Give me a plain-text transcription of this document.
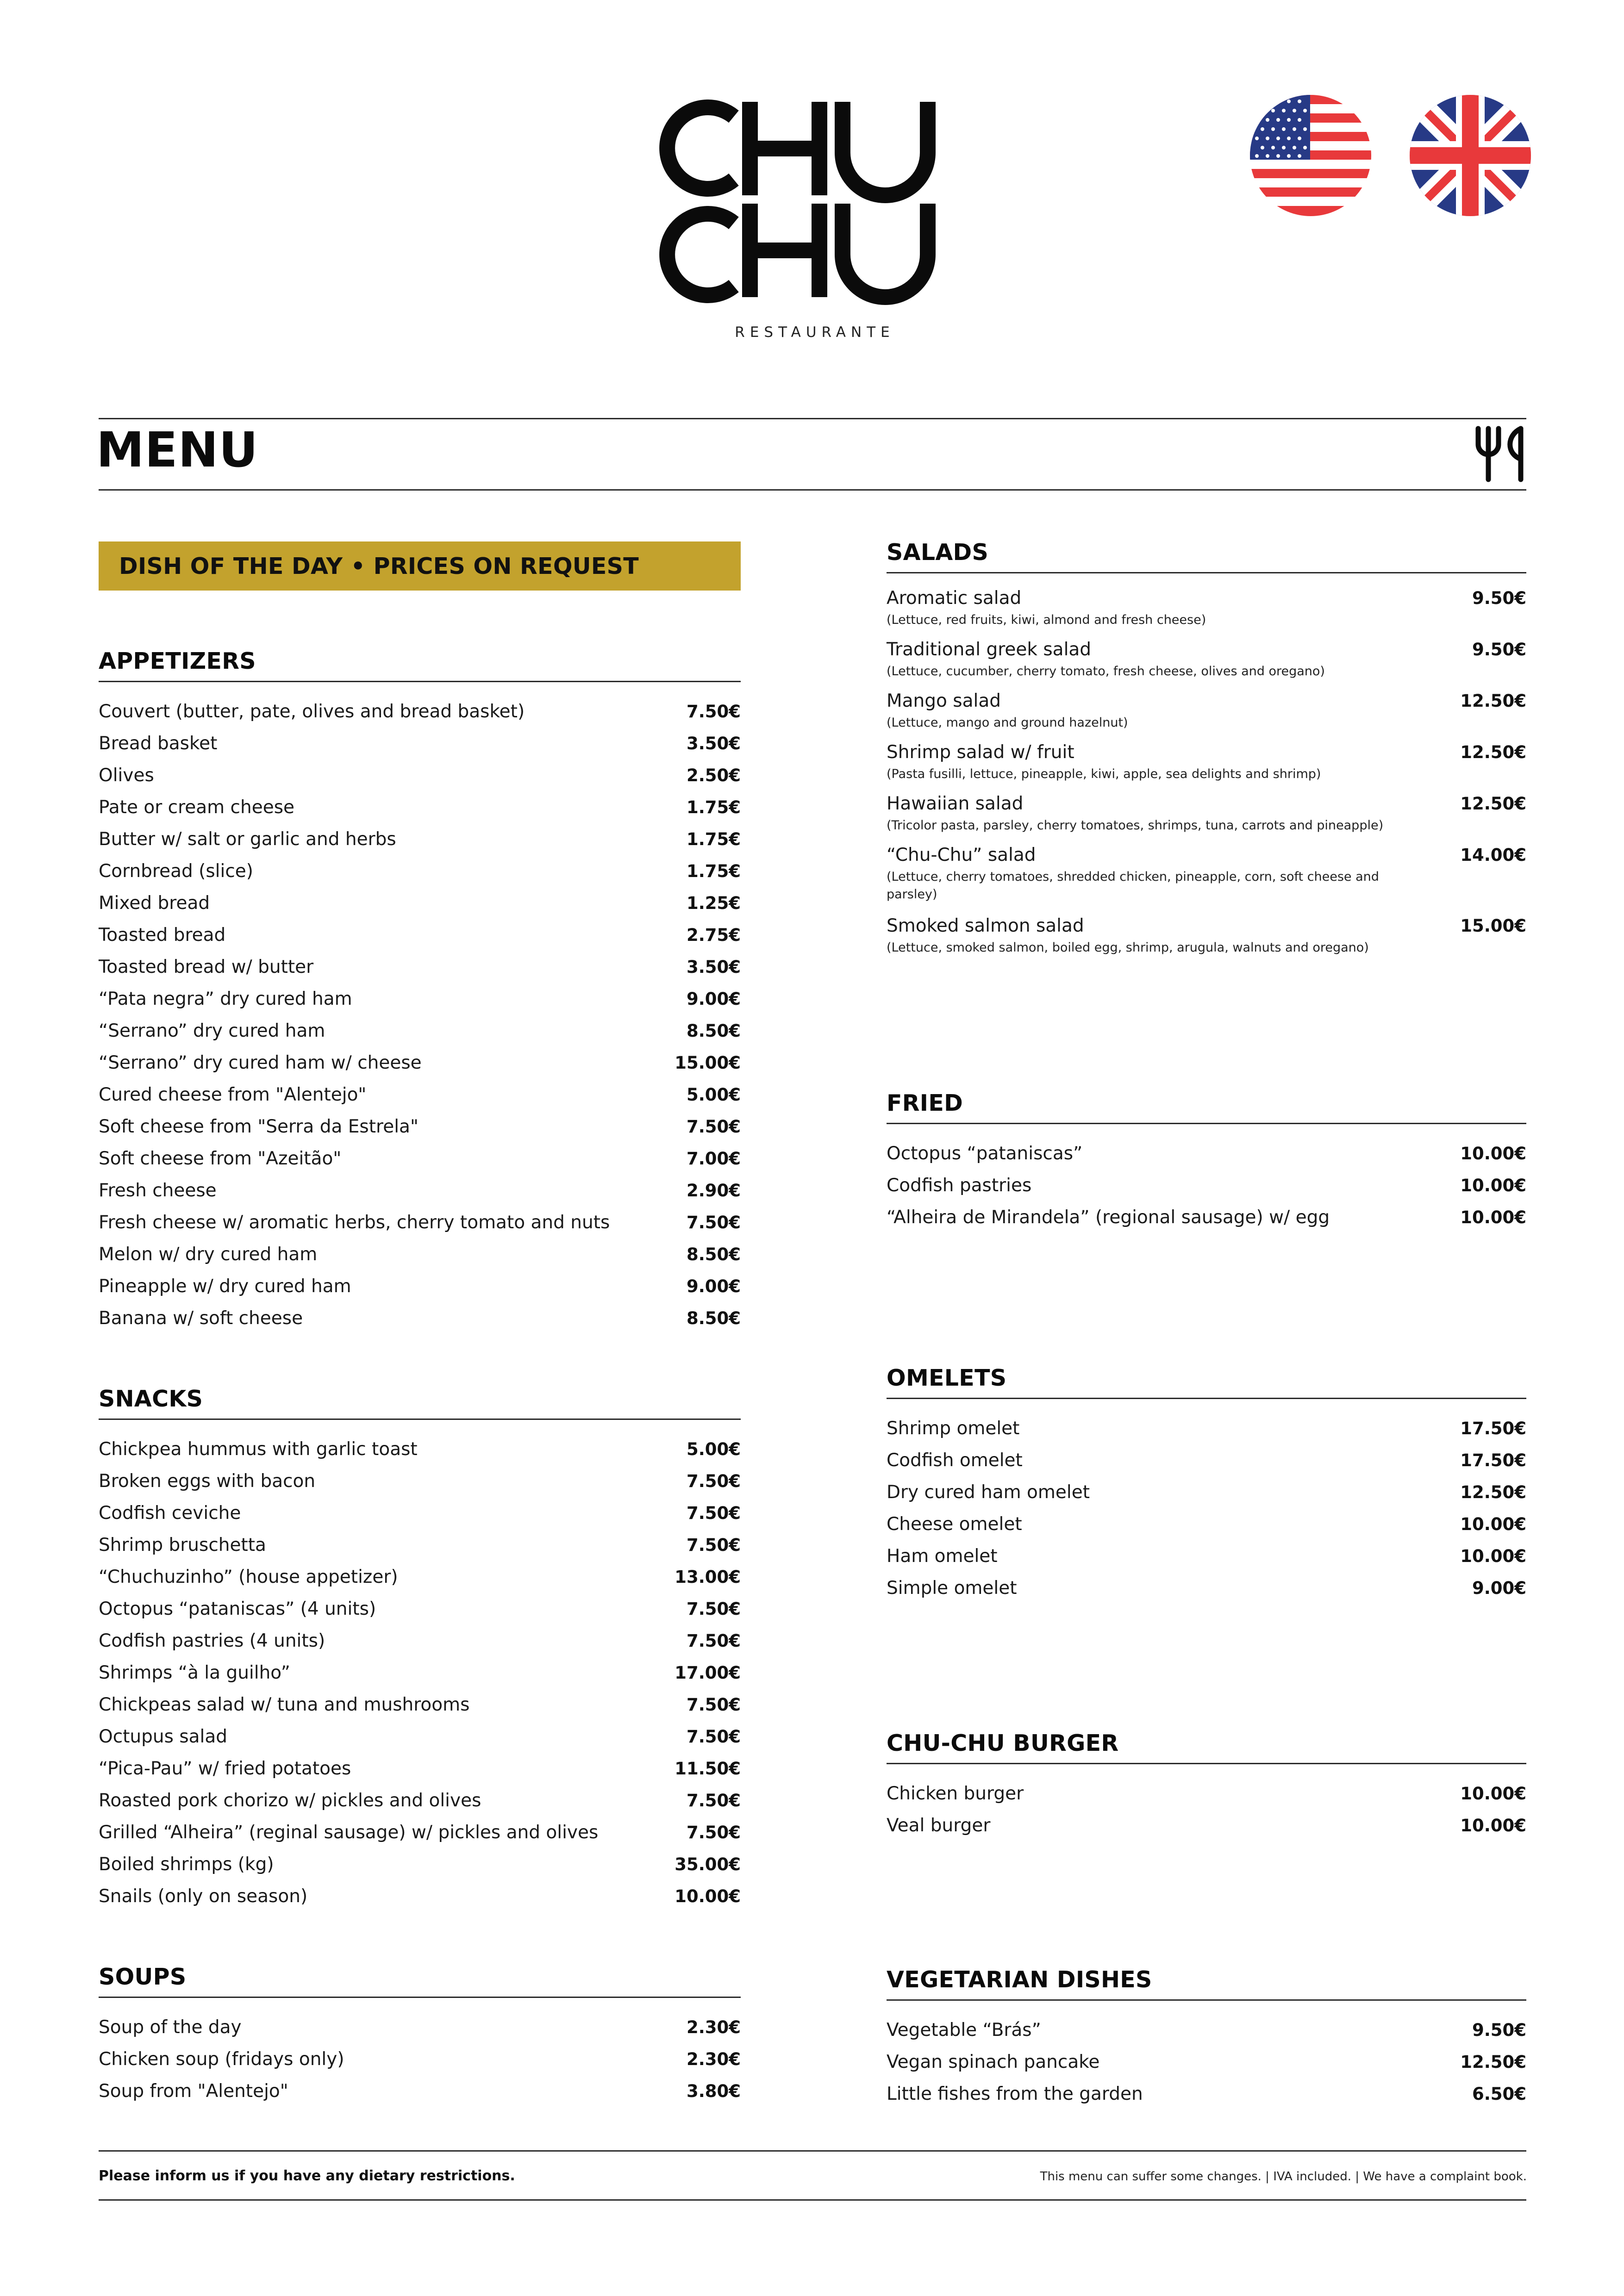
RESTAURANTE
MENU
DISH OF THE DAY • PRICES ON REQUEST
APPETIZERS
Couvert (butter, pate, olives and bread basket)	7.50€
Bread basket	3.50€
Olives	2.50€
Pate or cream cheese	1.75€
Butter w/ salt or garlic and herbs	1.75€
Cornbread (slice)	1.75€
Mixed bread	1.25€
Toasted bread	2.75€
Toasted bread w/ butter	3.50€
“Pata negra” dry cured ham	9.00€
“Serrano” dry cured ham	8.50€
“Serrano” dry cured ham w/ cheese	15.00€
Cured cheese from "Alentejo"	5.00€
Soft cheese from "Serra da Estrela"	7.50€
Soft cheese from "Azeitão"	7.00€
Fresh cheese	2.90€
Fresh cheese w/ aromatic herbs, cherry tomato and nuts	7.50€
Melon w/ dry cured ham	8.50€
Pineapple w/ dry cured ham	9.00€
Banana w/ soft cheese	8.50€
SNACKS
Chickpea hummus with garlic toast	5.00€
Broken eggs with bacon	7.50€
Codfish ceviche	7.50€
Shrimp bruschetta	7.50€
“Chuchuzinho” (house appetizer)	13.00€
Octopus “pataniscas” (4 units)	7.50€
Codfish pastries (4 units)	7.50€
Shrimps “à la guilho”	17.00€
Chickpeas salad w/ tuna and mushrooms	7.50€
Octupus salad	7.50€
“Pica-Pau” w/ fried potatoes	11.50€
Roasted pork chorizo w/ pickles and olives	7.50€
Grilled “Alheira” (reginal sausage) w/ pickles and olives	7.50€
Boiled shrimps (kg)	35.00€
Snails (only on season)	10.00€
SOUPS
Soup of the day	2.30€
Chicken soup (fridays only)	2.30€
Soup from "Alentejo"	3.80€
SALADS
Aromatic salad	9.50€
(Lettuce, red fruits, kiwi, almond and fresh cheese)
Traditional greek salad	9.50€
(Lettuce, cucumber, cherry tomato, fresh cheese, olives and oregano)
Mango salad	12.50€
(Lettuce, mango and ground hazelnut)
Shrimp salad w/ fruit	12.50€
(Pasta fusilli, lettuce, pineapple, kiwi, apple, sea delights and shrimp)
Hawaiian salad	12.50€
(Tricolor pasta, parsley, cherry tomatoes, shrimps, tuna, carrots and pineapple)
“Chu-Chu” salad	14.00€
(Lettuce, cherry tomatoes, shredded chicken, pineapple, corn, soft cheese and parsley)
Smoked salmon salad	15.00€
(Lettuce, smoked salmon, boiled egg, shrimp, arugula, walnuts and oregano)
FRIED
Octopus “pataniscas”	10.00€
Codfish pastries	10.00€
“Alheira de Mirandela” (regional sausage) w/ egg	10.00€
OMELETS
Shrimp omelet	17.50€
Codfish omelet	17.50€
Dry cured ham omelet	12.50€
Cheese omelet	10.00€
Ham omelet	10.00€
Simple omelet	9.00€
CHU-CHU BURGER
Chicken burger	10.00€
Veal burger	10.00€
VEGETARIAN DISHES
Vegetable “Brás”	9.50€
Vegan spinach pancake	12.50€
Little fishes from the garden	6.50€
Please inform us if you have any dietary restrictions.	This menu can suffer some changes. | IVA included. | We have a complaint book.
